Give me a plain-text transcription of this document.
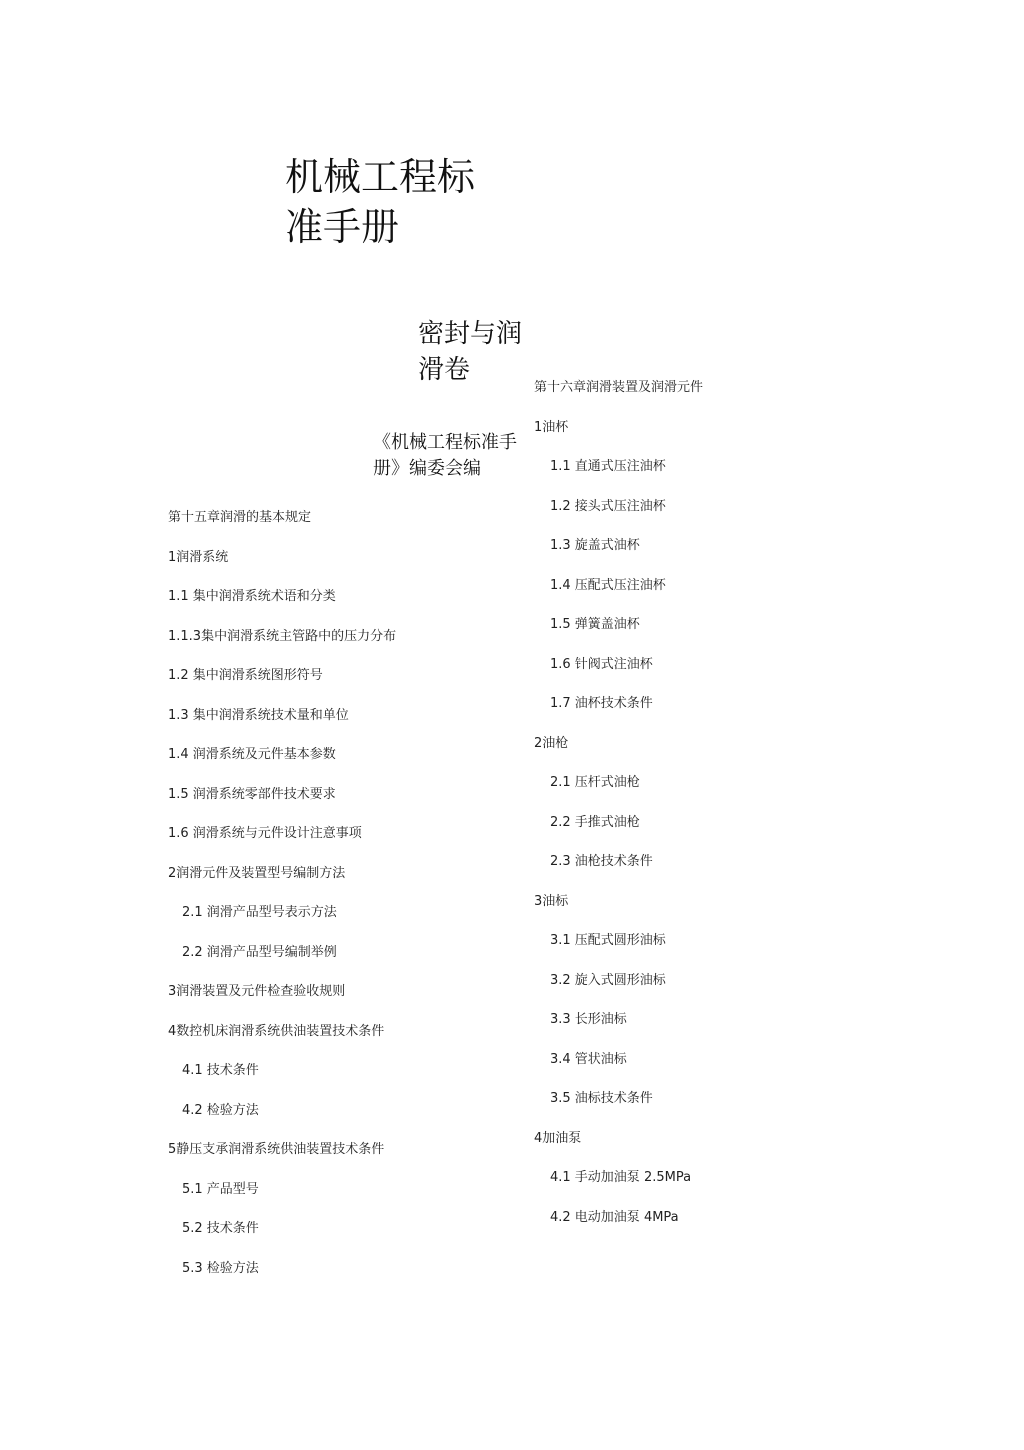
机械工程标
准手册
密封与润
滑卷

《机械工程标准手
册》编委会编

第十五章润滑的基本规定
1润滑系统
1.1 集中润滑系统术语和分类
1.1.3集中润滑系统主管路中的压力分布
1.2 集中润滑系统图形符号
1.3 集中润滑系统技术量和单位
1.4 润滑系统及元件基本参数
1.5 润滑系统零部件技术要求
1.6 润滑系统与元件设计注意事项
2润滑元件及装置型号编制方法
2.1 润滑产品型号表示方法
2.2 润滑产品型号编制举例
3润滑装置及元件检查验收规则
4数控机床润滑系统供油装置技术条件
4.1 技术条件
4.2 检验方法
5静压支承润滑系统供油装置技术条件
5.1 产品型号
5.2 技术条件
5.3 检验方法
第十六章润滑装置及润滑元件
1油杯
1.1 直通式压注油杯
1.2 接头式压注油杯
1.3 旋盖式油杯
1.4 压配式压注油杯
1.5 弹簧盖油杯
1.6 针阀式注油杯
1.7 油杯技术条件
2油枪
2.1 压杆式油枪
2.2 手推式油枪
2.3 油枪技术条件
3油标
3.1 压配式圆形油标
3.2 旋入式圆形油标
3.3 长形油标
3.4 管状油标
3.5 油标技术条件
4加油泵
4.1 手动加油泵 2.5MPa
4.2 电动加油泵 4MPa
